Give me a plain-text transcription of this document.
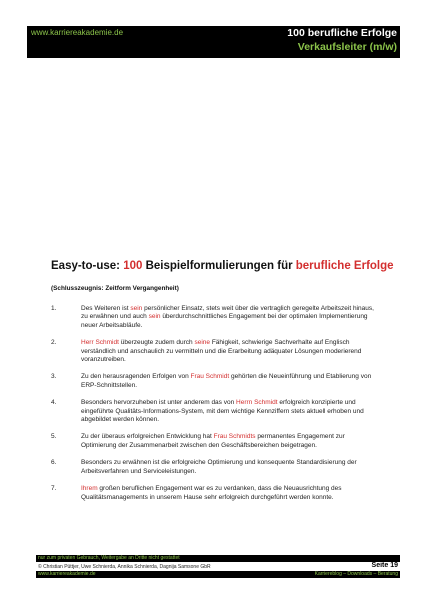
www.karriereakademie.de	100 berufliche Erfolge
Verkaufsleiter (m/w)
Easy-to-use: 100 Beispielformulierungen für berufliche Erfolge
(Schlusszeugnis: Zeitform Vergangenheit)
1.	Des Weiteren ist sein persönlicher Einsatz, stets weit über die vertraglich geregelte Arbeitszeit hinaus, zu erwähnen und auch sein überdurchschnittliches Engagement bei der optimalen Implementierung neuer Arbeitsabläufe.
2.	Herr Schmidt überzeugte zudem durch seine Fähigkeit, schwierige Sachverhalte auf Englisch verständlich und anschaulich zu vermitteln und die Erarbeitung adäquater Lösungen moderierend voranzutreiben.
3.	Zu den herausragenden Erfolgen von Frau Schmidt gehörten die Neueinführung und Etablierung von ERP-Schnittstellen.
4.	Besonders hervorzuheben ist unter anderem das von Herrn Schmidt erfolgreich konzipierte und eingeführte Qualitäts-Informations-System, mit dem wichtige Kennziffern stets aktuell erhoben und abgebildet werden können.
5.	Zu der überaus erfolgreichen Entwicklung hat Frau Schmidts permanentes Engagement zur Optimierung der Zusammenarbeit zwischen den Geschäftsbereichen beigetragen.
6.	Besonders zu erwähnen ist die erfolgreiche Optimierung und konsequente Standardisierung der Arbeitsverfahren und Serviceleistungen.
7.	Ihrem großen beruflichen Engagement war es zu verdanken, dass die Neuausrichtung des Qualitätsmanagements in unserem Hause sehr erfolgreich durchgeführt werden konnte.
nur zum privaten Gebrauch, Weitergabe an Dritte nicht gestattet
© Christian Püttjer, Uwe Schnierda, Annika Schnierda, Dagnija Samsone GbR	Seite 19
www.karriereakademie.de	Karriereblog – Downloads – Beratung
